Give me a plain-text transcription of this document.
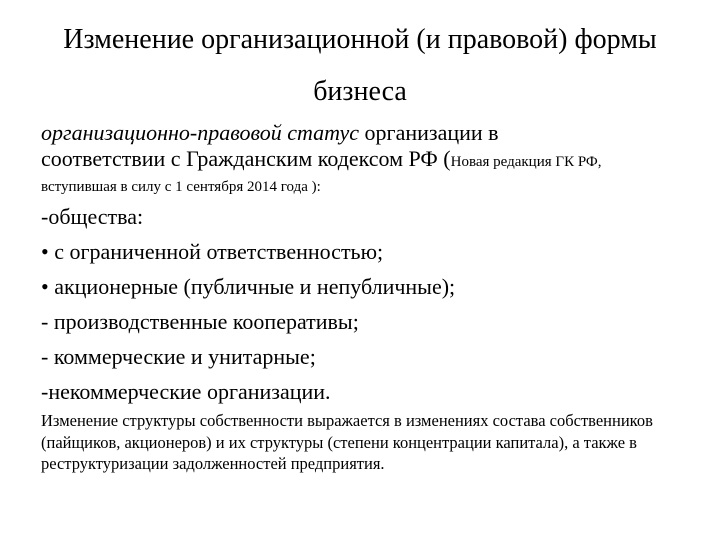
Изменение организационной (и правовой) формы
бизнеса

организационно-правовой статус организации в

соответствии с Гражданским кодексом РФ (Новая редакция ГК РФ,

вступившая в силу с 1 сентября 2014 года ):

-общества:

• с ограниченной ответственностью;

• акционерные (публичные и непубличные);

- производственные кооперативы;

- коммерческие и унитарные;

-некоммерческие организации.

Изменение структуры собственности выражается в изменениях состава собственников (пайщиков, акционеров) и их структуры (степени концентрации капитала), а также в реструктуризации задолженностей предприятия.
